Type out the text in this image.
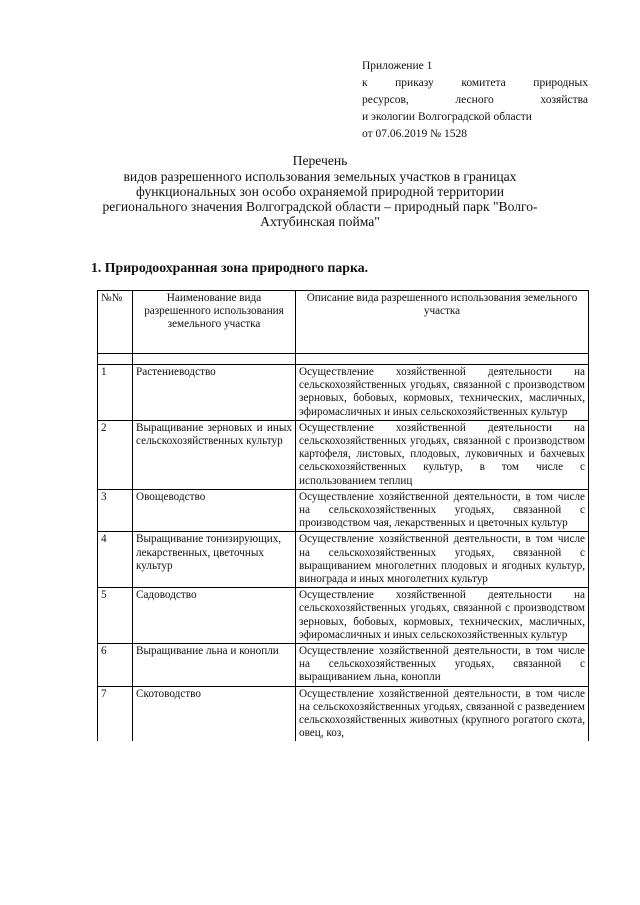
Приложение 1
к приказу комитета природных
ресурсов, лесного хозяйства
и экологии Волгоградской области
от 07.06.2019 № 1528
Перечень
видов разрешенного использования земельных участков в границах функциональных зон особо охраняемой природной территории регионального значения Волгоградской области – природный парк "Волго-Ахтубинская пойма"
1. Природоохранная зона природного парка.
№№	Наименование вида разрешенного использования земельного участка	Описание вида разрешенного использования земельного участка

1	Растениеводство	Осуществление хозяйственной деятельности на сельскохозяйственных угодьях, связанной с производством зерновых, бобовых, кормовых, технических, масличных, эфиромасличных и иных сельскохозяйственных культур
2	Выращивание зерновых и иных сельскохозяйственных культур	Осуществление хозяйственной деятельности на сельскохозяйственных угодьях, связанной с производством картофеля, листовых, плодовых, луковичных и бахчевых сельскохозяйственных культур, в том числе с использованием теплиц
3	Овощеводство	Осуществление хозяйственной деятельности, в том числе на сельскохозяйственных угодьях, связанной с производством чая, лекарственных и цветочных культур
4	Выращивание тонизирующих, лекарственных, цветочных культур	Осуществление хозяйственной деятельности, в том числе на сельскохозяйственных угодьях, связанной с выращиванием многолетних плодовых и ягодных культур, винограда и иных многолетних культур
5	Садоводство	Осуществление хозяйственной деятельности на сельскохозяйственных угодьях, связанной с производством зерновых, бобовых, кормовых, технических, масличных, эфиромасличных и иных сельскохозяйственных культур
6	Выращивание льна и конопли	Осуществление хозяйственной деятельности, в том числе на сельскохозяйственных угодьях, связанной с выращиванием льна, конопли
7	Скотоводство	Осуществление хозяйственной деятельности, в том числе на сельскохозяйственных угодьях, связанной с разведением сельскохозяйственных животных (крупного рогатого скота, овец, коз,
